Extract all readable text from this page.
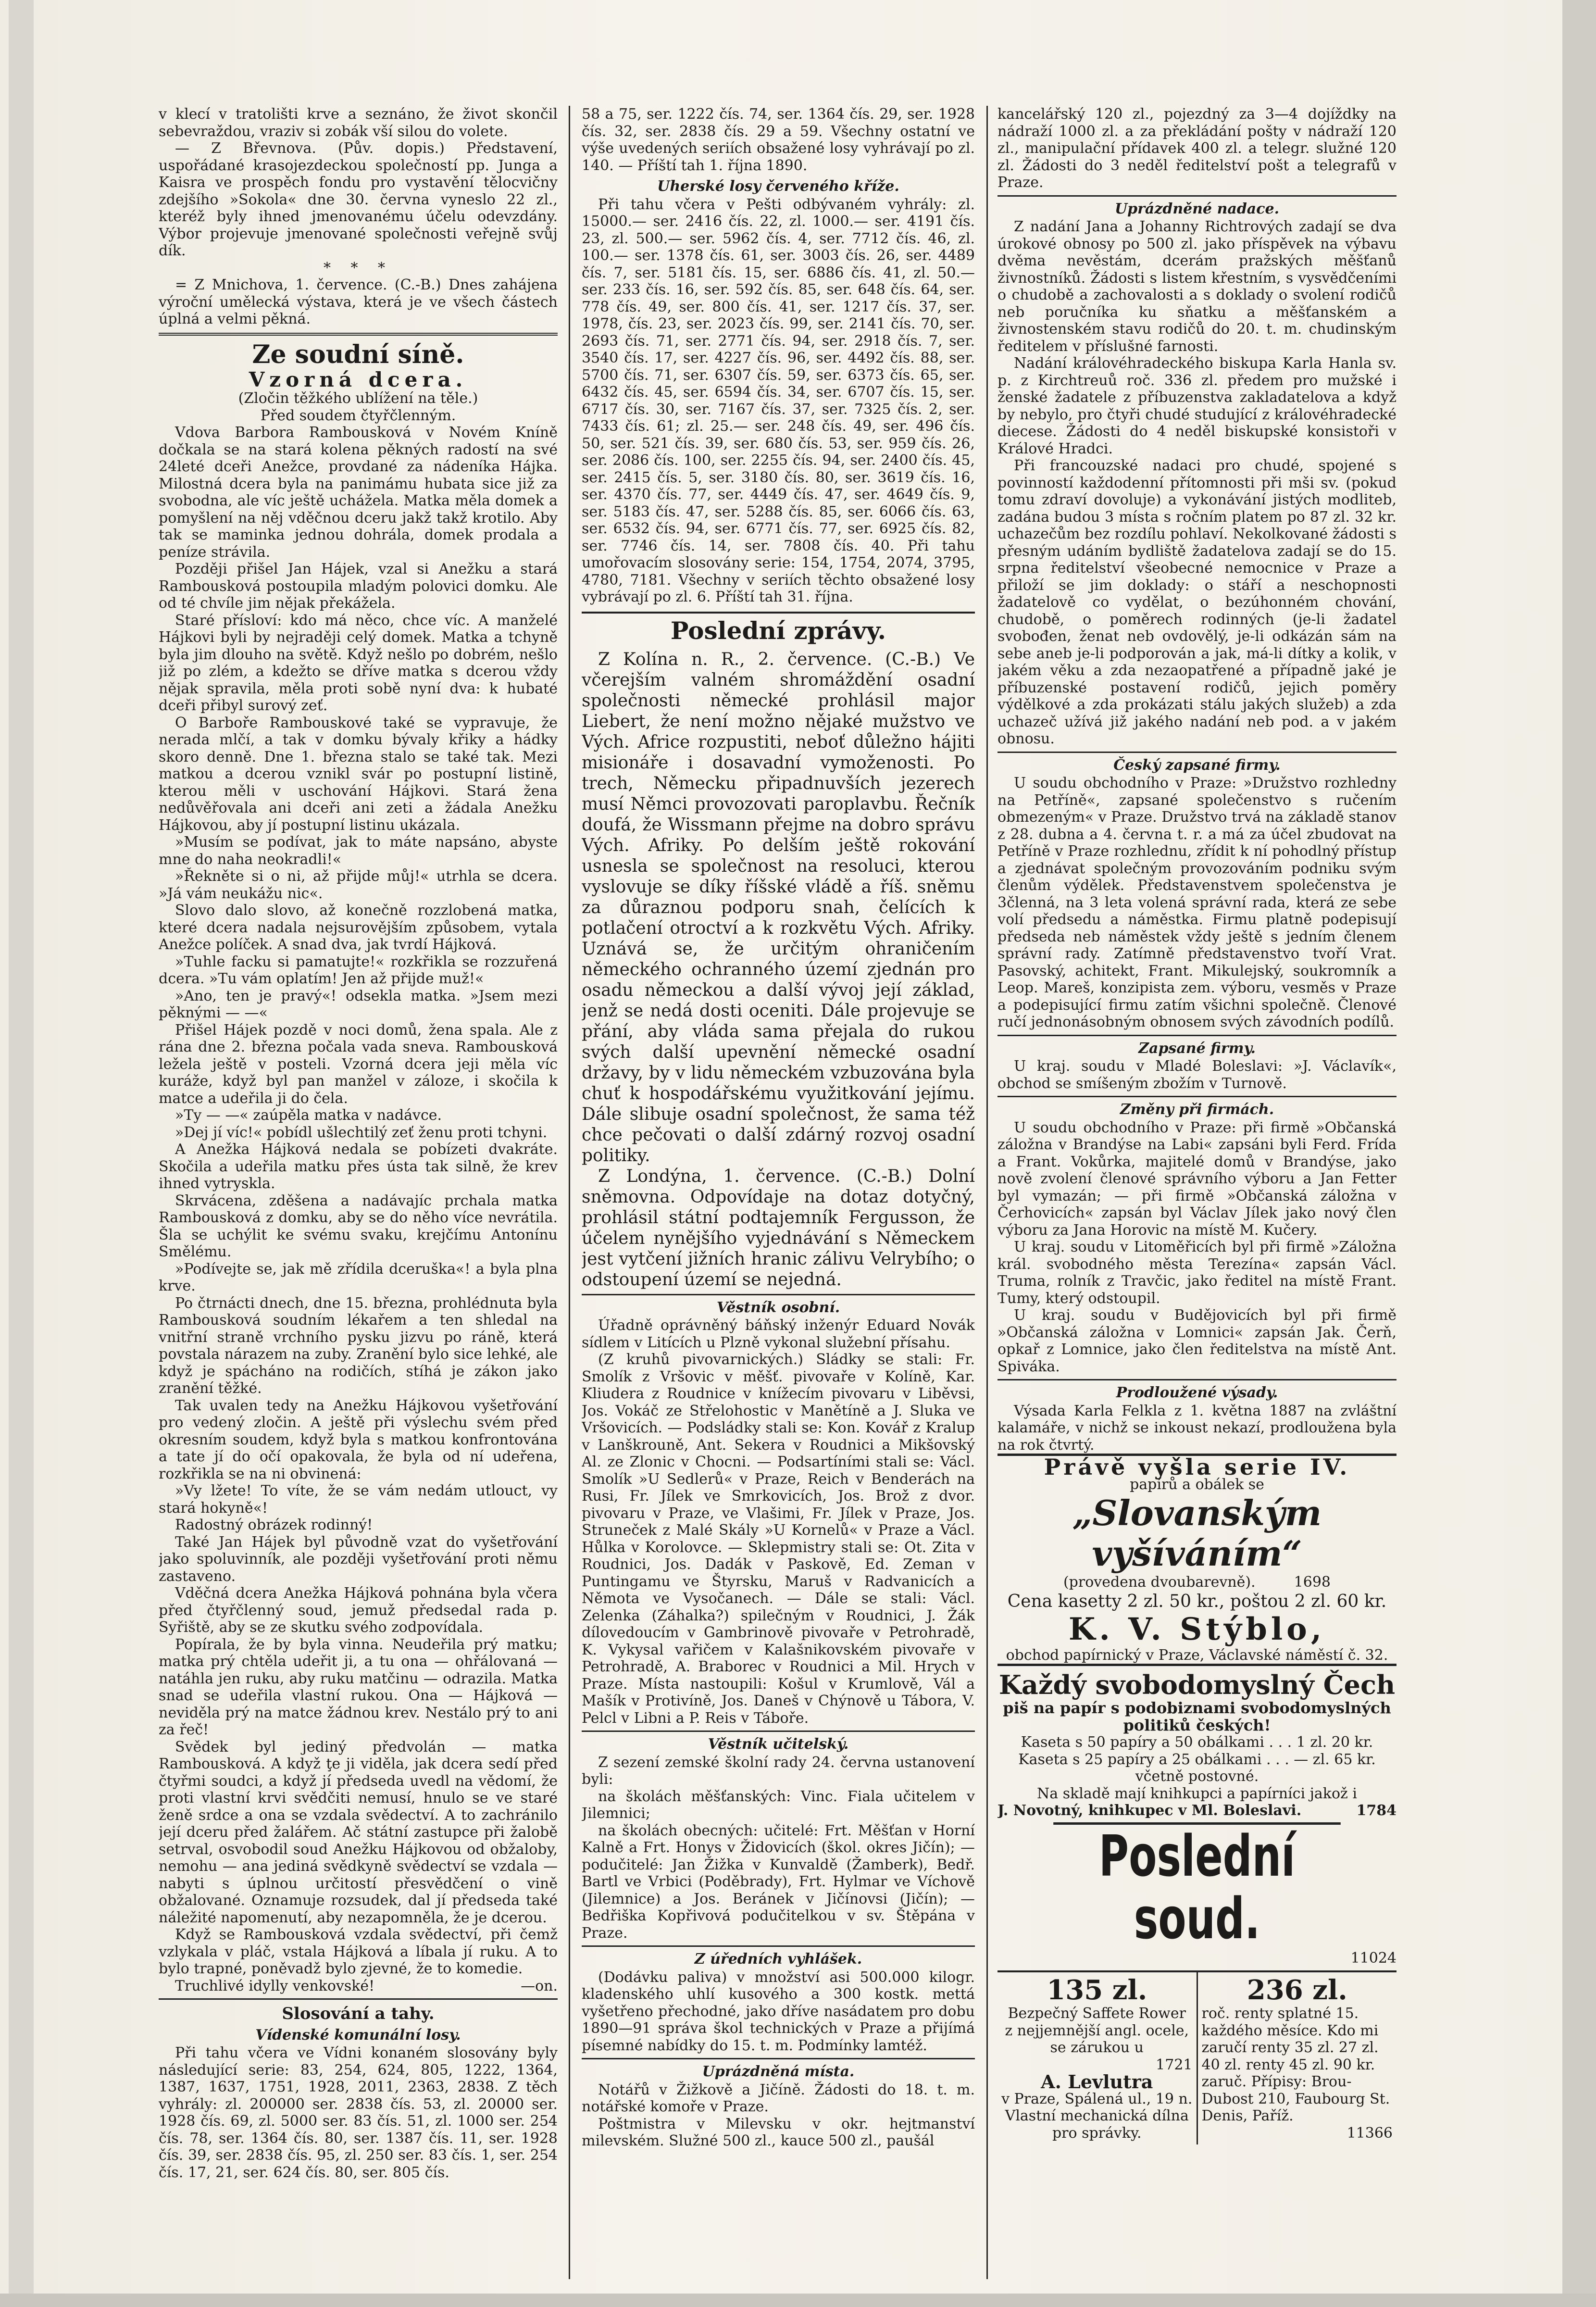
v klecí v tratolišti krve a seznáno, že život skončil sebevraždou, vraziv si zobák vší silou do volete.

— Z Břevnova. (Pův. dopis.) Představení, uspořádané krasojezdeckou společností pp. Junga a Kaisra ve prospěch fondu pro vystavění tělocvičny zdejšího »Sokola« dne 30. června vyneslo 22 zl., kteréž byly ihned jmenovanému účelu odevzdány. Výbor projevuje jmenované společnosti veřejně svůj dík.

* * *

= Z Mnichova, 1. července. (C.-B.) Dnes zahájena výroční umělecká výstava, která je ve všech částech úplná a velmi pěkná.

Ze soudní síně.
Vzorná dcera.

(Zločin těžkého ublížení na těle.)

Před soudem čtyřčlenným.

Vdova Barbora Rambousková v Novém Kníně dočkala se na stará kolena pěkných radostí na své 24leté dceři Anežce, provdané za nádeníka Hájka. Milostná dcera byla na panimámu hubata sice již za svobodna, ale víc ještě uchážela. Matka měla domek a pomyšlení na něj vděčnou dceru jakž takž krotilo. Aby tak se maminka jednou dohrála, domek prodala a peníze strávila.

Později přišel Jan Hájek, vzal si Anežku a stará Rambousková postoupila mladým polovici domku. Ale od té chvíle jim nějak překážela.

Staré přísloví: kdo má něco, chce víc. A manželé Hájkovi byli by nejraději celý domek. Matka a tchyně byla jim dlouho na světě. Když nešlo po dobrém, nešlo již po zlém, a kdežto se dříve matka s dcerou vždy nějak spravila, měla proti sobě nyní dva: k hubaté dceři přibyl surový zeť.

O Barboře Rambouskové také se vypravuje, že nerada mlčí, a tak v domku bývaly křiky a hádky skoro denně. Dne 1. března stalo se také tak. Mezi matkou a dcerou vznikl svár po postupní listině, kterou měli v uschování Hájkovi. Stará žena nedůvěřovala ani dceři ani zeti a žádala Anežku Hájkovou, aby jí postupní listinu ukázala.

»Musím se podívat, jak to máte napsáno, abyste mne do naha neokradli!«

»Řekněte si o ni, až přijde můj!« utrhla se dcera. »Já vám neukážu nic«.

Slovo dalo slovo, až konečně rozzlobená matka, které dcera nadala nejsurovějším způsobem, vytala Anežce políček. A snad dva, jak tvrdí Hájková.

»Tuhle facku si pamatujte!« rozkřikla se rozzuřená dcera. »Tu vám oplatím! Jen až přijde muž!«

»Ano, ten je pravý«! odsekla matka. »Jsem mezi pěknými — —«

Přišel Hájek pozdě v noci domů, žena spala. Ale z rána dne 2. března počala vada sneva. Rambousková ležela ještě v posteli. Vzorná dcera jeji měla víc kuráže, když byl pan manžel v záloze, i skočila k matce a udeřila ji do čela.

»Ty — —« zaúpěla matka v nadávce.

»Dej jí víc!« pobídl ušlechtilý zeť ženu proti tchyni.

A Anežka Hájková nedala se pobízeti dvakráte. Skočila a udeřila matku přes ústa tak silně, že krev ihned vytryskla.

Skrvácena, zděšena a nadávajíc prchala matka Rambousková z domku, aby se do něho více nevrátila. Šla se uchýlit ke svému svaku, krejčímu Antonínu Smělému.

»Podívejte se, jak mě zřídila dceruška«! a byla plna krve.

Po čtrnácti dnech, dne 15. března, prohlédnuta byla Rambousková soudním lékařem a ten shledal na vnitřní straně vrchního pysku jizvu po ráně, která povstala nárazem na zuby. Zranění bylo sice lehké, ale když je spácháno na rodičích, stíhá je zákon jako zranění těžké.

Tak uvalen tedy na Anežku Hájkovou vyšetřování pro vedený zločin. A ještě při výslechu svém před okresním soudem, když byla s matkou konfrontována a tate jí do očí opakovala, že byla od ní udeřena, rozkřikla se na ni obvinená:

»Vy lžete! To víte, že se vám nedám utlouct, vy stará hokyně«!

Radostný obrázek rodinný!

Také Jan Hájek byl původně vzat do vyšetřování jako spoluvinník, ale později vyšetřování proti němu zastaveno.

Vděčná dcera Anežka Hájková pohnána byla včera před čtyřčlenný soud, jemuž předsedal rada p. Syřiště, aby se ze skutku svého zodpovídala.

Popírala, že by byla vinna. Neudeřila prý matku; matka prý chtěla udeřit ji, a tu ona — ohřálovaná — natáhla jen ruku, aby ruku matčinu — odrazila. Matka snad se udeřila vlastní rukou. Ona — Hájková — neviděla prý na matce žádnou krev. Nestálo prý to ani za řeč!

Svědek byl jediný předvolán — matka Rambousková. A když ţe ji viděla, jak dcera sedí před čtyřmi soudci, a když jí předseda uvedl na vědomí, že proti vlastní krvi svědčiti nemusí, hnulo se ve staré ženě srdce a ona se vzdala svědectví. A to zachránilo její dceru před žalářem. Ač státní zastupce při žalobě setrval, osvobodil soud Anežku Hájkovou od obžaloby, nemohu — ana jediná svědkyně svědectví se vzdala — nabyti s úplnou určitostí přesvědčení o vině obžalované. Oznamuje rozsudek, dal jí předseda také náležité napomenutí, aby nezapomněla, že je dcerou.

Když se Rambousková vzdala svědectví, při čemž vzlykala v pláč, vstala Hájková a líbala jí ruku. A to bylo trapné, poněvadž bylo zjevné, že to komedie.

Truchlivé idylly venkovské!	—on.

Slosování a tahy.
Vídenské komunální losy.

Při tahu včera ve Vídni konaném slosovány byly následující serie: 83, 254, 624, 805, 1222, 1364, 1387, 1637, 1751, 1928, 2011, 2363, 2838. Z těch vyhrály: zl. 200000 ser. 2838 čís. 53, zl. 20000 ser. 1928 čís. 69, zl. 5000 ser. 83 čís. 51, zl. 1000 ser. 254 čís. 78, ser. 1364 čís. 80, ser. 1387 čís. 11, ser. 1928 čís. 39, ser. 2838 čís. 95, zl. 250 ser. 83 čís. 1, ser. 254 čís. 17, 21, ser. 624 čís. 80, ser. 805 čís.

58 a 75, ser. 1222 čís. 74, ser. 1364 čís. 29, ser. 1928 čís. 32, ser. 2838 čís. 29 a 59. Všechny ostatní ve výše uvedených seriích obsažené losy vyhrávají po zl. 140. — Příští tah 1. října 1890.

Uherské losy červeného kříže.

Při tahu včera v Pešti odbývaném vyhrály: zl. 15000.— ser. 2416 čís. 22, zl. 1000.— ser. 4191 čís. 23, zl. 500.— ser. 5962 čís. 4, ser. 7712 čís. 46, zl. 100.— ser. 1378 čís. 61, ser. 3003 čís. 26, ser. 4489 čís. 7, ser. 5181 čís. 15, ser. 6886 čís. 41, zl. 50.— ser. 233 čís. 16, ser. 592 čís. 85, ser. 648 čís. 64, ser. 778 čís. 49, ser. 800 čís. 41, ser. 1217 čís. 37, ser. 1978, čís. 23, ser. 2023 čís. 99, ser. 2141 čís. 70, ser. 2693 čís. 71, ser. 2771 čís. 94, ser. 2918 čís. 7, ser. 3540 čís. 17, ser. 4227 čís. 96, ser. 4492 čís. 88, ser. 5700 čís. 71, ser. 6307 čís. 59, ser. 6373 čís. 65, ser. 6432 čís. 45, ser. 6594 čís. 34, ser. 6707 čís. 15, ser. 6717 čís. 30, ser. 7167 čís. 37, ser. 7325 čís. 2, ser. 7433 čís. 61; zl. 25.— ser. 248 čís. 49, ser. 496 čís. 50, ser. 521 čís. 39, ser. 680 čís. 53, ser. 959 čís. 26, ser. 2086 čís. 100, ser. 2255 čís. 94, ser. 2400 čís. 45, ser. 2415 čís. 5, ser. 3180 čís. 80, ser. 3619 čís. 16, ser. 4370 čís. 77, ser. 4449 čís. 47, ser. 4649 čís. 9, ser. 5183 čís. 47, ser. 5288 čís. 85, ser. 6066 čís. 63, ser. 6532 čís. 94, ser. 6771 čís. 77, ser. 6925 čís. 82, ser. 7746 čís. 14, ser. 7808 čís. 40. Při tahu umořovacím slosovány serie: 154, 1754, 2074, 3795, 4780, 7181. Všechny v seriích těchto obsažené losy vybrávají po zl. 6. Příští tah 31. října.

Poslední zprávy.

Z Kolína n. R., 2. července. (C.-B.) Ve včerejším valném shromáždění osadní společnosti německé prohlásil major Liebert, že není možno nějaké mužstvo ve Vých. Africe rozpustiti, neboť důležno hájiti misionáře i dosavadní vymoženosti. Po trech, Německu připadnuvších jezerech musí Němci provozovati paroplavbu. Řečník doufá, že Wissmann přejme na dobro správu Vých. Afriky. Po delším ještě rokování usnesla se společnost na resoluci, kterou vyslovuje se díky říšské vládě a říš. sněmu za důraznou podporu snah, čelících k potlačení otroctví a k rozkvětu Vých. Afriky. Uznává se, že určitým ohraničením německého ochranného území zjednán pro osadu německou a další vývoj její základ, jenž se nedá dosti oceniti. Dále projevuje se přání, aby vláda sama přejala do rukou svých další upevnění německé osadní državy, by v lidu německém vzbuzována byla chuť k hospodářskému využitkování jejímu. Dále slibuje osadní společnost, že sama též chce pečovati o další zdárný rozvoj osadní politiky.

Z Londýna, 1. července. (C.-B.) Dolní sněmovna. Odpovídaje na dotaz dotyčný, prohlásil státní podtajemník Fergusson, že účelem nynějšího vyjednávání s Německem jest vytčení jižních hranic zálivu Velrybího; o odstoupení území se nejedná.

Věstník osobní.

Úřadně oprávněný báňský inženýr Eduard Novák sídlem v Litících u Plzně vykonal služební přísahu.

(Z kruhů pivovarnických.) Sládky se stali: Fr. Smolík z Vršovic v měšť. pivovaře v Kolíně, Kar. Kliudera z Roudnice v knížecím pivovaru v Liběvsi, Jos. Vokáč ze Střelohostic v Manětíně a J. Sluka ve Vršovicích. — Podsládky stali se: Kon. Kovář z Kralup v Lanškrouně, Ant. Sekera v Roudnici a Mikšovský Al. ze Zlonic v Chocni. — Podsartíními stali se: Václ. Smolík »U Sedlerů« v Praze, Reich v Benderách na Rusi, Fr. Jílek ve Smrkovicích, Jos. Brož z dvor. pivovaru v Praze, ve Vlašimi, Fr. Jílek v Praze, Jos. Struneček z Malé Skály »U Kornelů« v Praze a Václ. Hůlka v Korolovce. — Sklepmistry stali se: Ot. Zita v Roudnici, Jos. Dadák v Paskově, Ed. Zeman v Puntingamu ve Štyrsku, Maruš v Radvanicích a Němota ve Vysočanech. — Dále se stali: Václ. Zelenka (Záhalka?) spilečným v Roudnici, J. Žák dílovedoucím v Gambrinově pivovaře v Petrohradě, K. Vykysal vařičem v Kalašnikovském pivovaře v Petrohradě, A. Braborec v Roudnici a Mil. Hrych v Praze. Místa nastoupili: Košul v Krumlově, Vál a Mašík v Protivíně, Jos. Daneš v Chýnově u Tábora, V. Pelcl v Libni a P. Reis v Táboře.

Věstník učitelský.

Z sezení zemské školní rady 24. června ustanovení byli:

na školách měšťanských: Vinc. Fiala učitelem v Jilemnici;

na školách obecných: učitelé: Frt. Měšťan v Horní Kalně a Frt. Honys v Židovicích (škol. okres Jičín); — podučitelé: Jan Žižka v Kunvaldě (Žamberk), Bedř. Bartl ve Vrbici (Poděbrady), Frt. Hylmar ve Víchově (Jilemnice) a Jos. Beránek v Jičínovsi (Jičín); — Bedřiška Kopřivová podučitelkou v sv. Štěpána v Praze.

Z úředních vyhlášek.

(Dodávku paliva) v množství asi 500.000 kilogr. kladenského uhlí kusového a 300 kostk. mettá vyšetřeno přechodné, jako dříve nasádatem pro dobu 1890—91 správa škol technických v Praze a přijímá písemné nabídky do 15. t. m. Podmínky lamtéž.

Uprázdněná místa.

Notářů v Žižkově a Jičíně. Žádosti do 18. t. m. notářské komoře v Praze.

Poštmistra v Milevsku v okr. hejtmanství milevském. Služné 500 zl., kauce 500 zl., paušál

kancelářský 120 zl., pojezdný za 3—4 dojíždky na nádraží 1000 zl. a za překládání pošty v nádraží 120 zl., manipulační přídavek 400 zl. a telegr. služné 120 zl. Žádosti do 3 neděl ředitelství pošt a telegrafů v Praze.

Uprázdněné nadace.

Z nadání Jana a Johanny Richtrových zadají se dva úrokové obnosy po 500 zl. jako příspěvek na výbavu dvěma nevěstám, dcerám pražských měšťanů živnostníků. Žádosti s listem křestním, s vysvědčeními o chudobě a zachovalosti a s doklady o svolení rodičů neb poručníka ku sňatku a měšťanském a živnostenském stavu rodičů do 20. t. m. chudinským ředitelem v příslušné farnosti.

Nadání královéhradeckého biskupa Karla Hanla sv. p. z Kirchtreuů roč. 336 zl. předem pro mužské i ženské žadatele z příbuzenstva zakladatelova a když by nebylo, pro čtyři chudé studující z královéhradecké diecese. Žádosti do 4 neděl biskupské konsistoři v Králové Hradci.

Při francouzské nadaci pro chudé, spojené s povinností každodenní přítomnosti při mši sv. (pokud tomu zdraví dovoluje) a vykonávání jistých modliteb, zadána budou 3 místa s ročním platem po 87 zl. 32 kr. uchazečům bez rozdílu pohlaví. Nekolkované žádosti s přesným udáním bydliště žadatelova zadají se do 15. srpna ředitelství všeobecné nemocnice v Praze a přiloží se jim doklady: o stáří a neschopnosti žadatelově co vydělat, o bezúhonném chování, chudobě, o poměrech rodinných (je-li žadatel svobođen, ženat neb ovdovělý, je-li odkázán sám na sebe aneb je-li podporován a jak, má-li dítky a kolik, v jakém věku a zda nezaopatřené a případně jaké je příbuzenské postavení rodičů, jejich poměry výdělkové a zda prokázati stálu jakých služeb) a zda uchazeč užívá již jakého nadání neb pod. a v jakém obnosu.

Český zapsané firmy.

U soudu obchodního v Praze: »Družstvo rozhledny na Petříně«, zapsané společenstvo s ručením obmezeným« v Praze. Družstvo trvá na základě stanov z 28. dubna a 4. června t. r. a má za účel zbudovat na Petříně v Praze rozhlednu, zřídit k ní pohodlný přístup a zjednávat společným provozováním podniku svým členům výdělek. Představenstvem společenstva je 3členná, na 3 leta volená správní rada, která ze sebe volí předsedu a náměstka. Firmu platně podepisují předseda neb náměstek vždy ještě s jedním členem správní rady. Zatímně představenstvo tvoří Vrat. Pasovský, achitekt, Frant. Mikulejský, soukromník a Leop. Mareš, konzipista zem. výboru, vesměs v Praze a podepisující firmu zatím všichni společně. Členové ručí jednonásobným obnosem svých závodních podílů.

Zapsané firmy.

U kraj. soudu v Mladé Boleslavi: »J. Václavík«, obchod se smíšeným zbožím v Turnově.

Změny při firmách.

U soudu obchodního v Praze: při firmě »Občanská záložna v Brandýse na Labi« zapsáni byli Ferd. Frída a Frant. Vokůrka, majitelé domů v Brandýse, jako nově zvolení členové správního výboru a Jan Fetter byl vymazán; — při firmě »Občanská záložna v Čerhovicích« zapsán byl Václav Jílek jako nový člen výboru za Jana Horovic na místě M. Kučery.

U kraj. soudu v Litoměřicích byl při firmě »Záložna král. svobodného města Terezína« zapsán Václ. Truma, rolník z Travčic, jako ředitel na místě Frant. Tumy, který odstoupil.

U kraj. soudu v Budějovicích byl při firmě »Občanská záložna v Lomnici« zapsán Jak. Čerň, opkař z Lomnice, jako člen ředitelstva na místě Ant. Spiváka.

Prodloužené výsady.

Výsada Karla Felkla z 1. května 1887 na zvláštní kalamáře, v nichž se inkoust nekazí, prodloužena byla na rok čtvrtý.

Právě vyšla serie IV.

papírů a obálek se

„Slovanským vyšíváním“

(provedena dvoubarevně).	1698

Cena kasetty 2 zl. 50 kr., poštou 2 zl. 60 kr.

K. V. Stýblo,

obchod papírnický v Praze, Václavské náměstí č. 32.

Každý svobodomyslný Čech

piš na papír s podobiznami svobodomyslných politiků českých!

Kaseta s 50 papíry a 50 obálkami . . . 1 zl. 20 kr.

Kaseta s 25 papíry a 25 obálkami . . . — zl. 65 kr.

včetně postovné.

Na skladě mají knihkupci a papírníci jakož i

J. Novotný, knihkupec v Ml. Boleslavi.	1784

Poslední soud.

11024

135 zl.

Bezpečný Saffete Rower

z nejjemnější angl. ocele, se zárukou u

1721

A. Levlutra

v Praze, Spálená ul., 19 n.

Vlastní mechanická dílna pro správky.

236 zl.

roč. renty splatné 15. každého měsíce. Kdo mi zaručí renty 35 zl. 27 zl. 40 zl. renty 45 zl. 90 kr. zaruč. Přípisy: Brou-Dubost 210, Faubourg St. Denis, Paříž.

11366
